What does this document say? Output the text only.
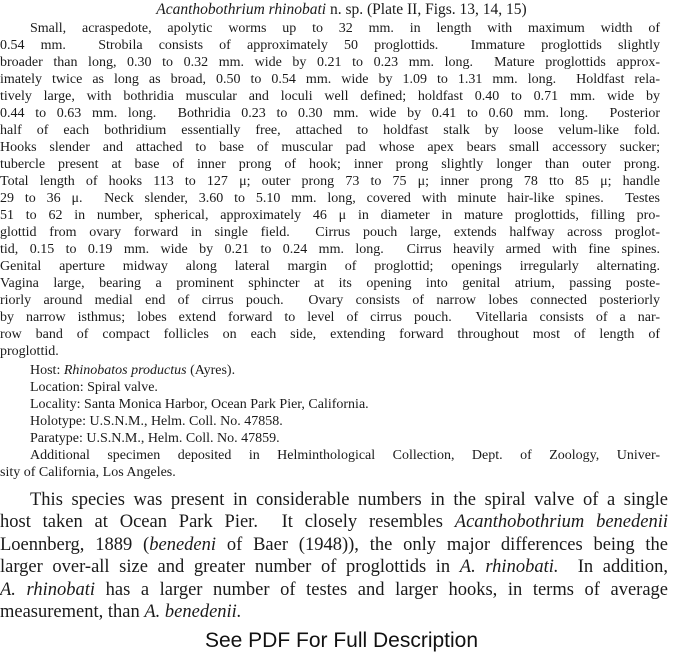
Acanthobothrium rhinobati n. sp. (Plate II, Figs. 13, 14, 15)
Small, acraspedote, apolytic worms up to 32 mm. in length with maximum width of
0.54 mm.  Strobila consists of approximately 50 proglottids.  Immature proglottids slightly
broader than long, 0.30 to 0.32 mm. wide by 0.21 to 0.23 mm. long.  Mature proglottids approx-
imately twice as long as broad, 0.50 to 0.54 mm. wide by 1.09 to 1.31 mm. long.  Holdfast rela-
tively large, with bothridia muscular and loculi well defined; holdfast 0.40 to 0.71 mm. wide by
0.44 to 0.63 mm. long.  Bothridia 0.23 to 0.30 mm. wide by 0.41 to 0.60 mm. long.  Posterior
half of each bothridium essentially free, attached to holdfast stalk by loose velum-like fold.
Hooks slender and attached to base of muscular pad whose apex bears small accessory sucker;
tubercle present at base of inner prong of hook; inner prong slightly longer than outer prong.
Total length of hooks 113 to 127 μ; outer prong 73 to 75 μ; inner prong 78 tto 85 μ; handle
29 to 36 μ.  Neck slender, 3.60 to 5.10 mm. long, covered with minute hair-like spines.  Testes
51 to 62 in number, spherical, approximately 46 μ in diameter in mature proglottids, filling pro-
glottid from ovary forward in single field.  Cirrus pouch large, extends halfway across proglot-
tid, 0.15 to 0.19 mm. wide by 0.21 to 0.24 mm. long.  Cirrus heavily armed with fine spines.
Genital aperture midway along lateral margin of proglottid; openings irregularly alternating.
Vagina large, bearing a prominent sphincter at its opening into genital atrium, passing poste-
riorly around medial end of cirrus pouch.  Ovary consists of narrow lobes connected posteriorly
by narrow isthmus; lobes extend forward to level of cirrus pouch.  Vitellaria consists of a nar-
row band of compact follicles on each side, extending forward throughout most of length of
proglottid.
Host: Rhinobatos productus (Ayres).
Location: Spiral valve.
Locality: Santa Monica Harbor, Ocean Park Pier, California.
Holotype: U.S.N.M., Helm. Coll. No. 47858.
Paratype: U.S.N.M., Helm. Coll. No. 47859.
Additional specimen deposited in Helminthological Collection, Dept. of Zoology, Univer-
sity of California, Los Angeles.
This species was present in considerable numbers in the spiral valve of a single
host taken at Ocean Park Pier.  It closely resembles Acanthobothrium benedenii
Loennberg, 1889 (benedeni of Baer (1948)), the only major differences being the
larger over-all size and greater number of proglottids in A. rhinobati.  In addition,
A. rhinobati has a larger number of testes and larger hooks, in terms of average
measurement, than A. benedenii.
See PDF For Full Description
